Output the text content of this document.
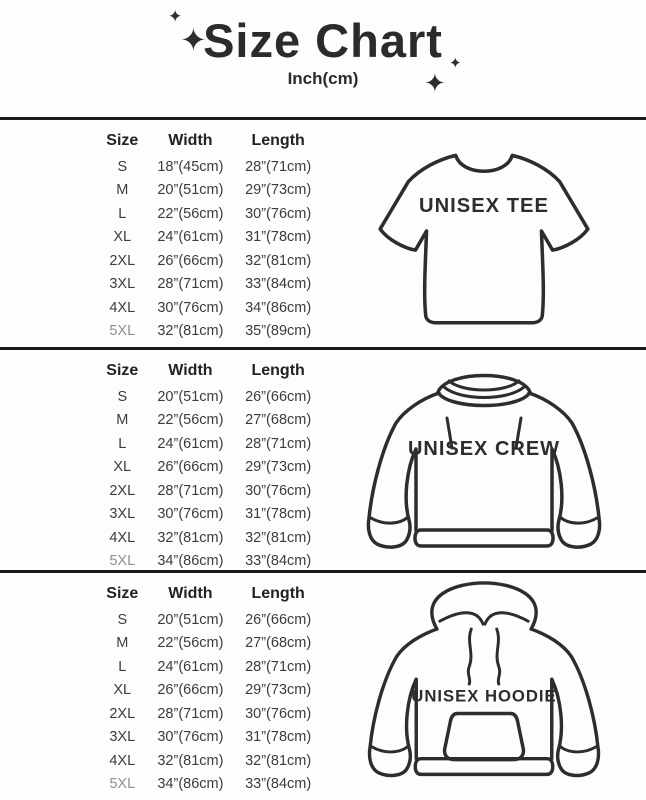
✦
✦
✦
✦
Size Chart
Inch(cm)
Size	Width	Length
S	18”(45cm)	28”(71cm)
M	20”(51cm)	29”(73cm)
L	22”(56cm)	30”(76cm)
XL	24”(61cm)	31”(78cm)
2XL	26”(66cm)	32”(81cm)
3XL	28”(71cm)	33”(84cm)
4XL	30”(76cm)	34”(86cm)
5XL	32”(81cm)	35”(89cm)
UNISEX TEE
Size	Width	Length
S	20”(51cm)	26”(66cm)
M	22”(56cm)	27”(68cm)
L	24”(61cm)	28”(71cm)
XL	26”(66cm)	29”(73cm)
2XL	28”(71cm)	30”(76cm)
3XL	30”(76cm)	31”(78cm)
4XL	32”(81cm)	32”(81cm)
5XL	34”(86cm)	33”(84cm)
UNISEX CREW
Size	Width	Length
S	20”(51cm)	26”(66cm)
M	22”(56cm)	27”(68cm)
L	24”(61cm)	28”(71cm)
XL	26”(66cm)	29”(73cm)
2XL	28”(71cm)	30”(76cm)
3XL	30”(76cm)	31”(78cm)
4XL	32”(81cm)	32”(81cm)
5XL	34”(86cm)	33”(84cm)
UNISEX HOODIE
